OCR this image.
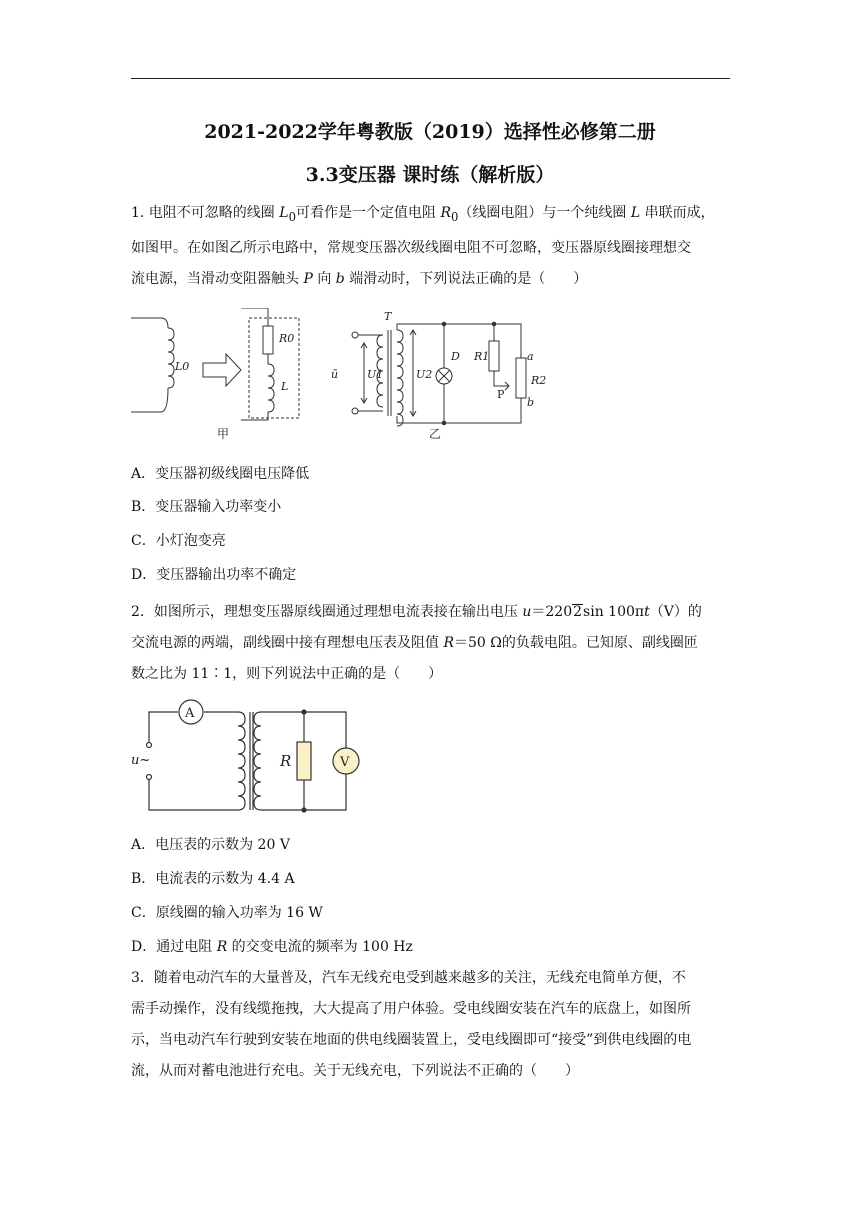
2021-2022学年粤教版（2019）选择性必修第二册
3.3变压器 课时练（解析版）
1. 电阻不可忽略的线圈 $L_0$可看作是一个定值电阻 $R_0$（线圈电阻）与一个纯线圈 L 串联而成，
如图甲。在如图乙所示电路中，常规变压器次级线圈电阻不可忽略，变压器原线圈接理想交
流电源，当滑动变阻器触头 P 向 b 端滑动时，下列说法正确的是（　　）
L0
R0
L
甲
ũ	U1	U2
T
D R1
R2
a
b
P
乙
A．变压器初级线圈电压降低
B．变压器输入功率变小
C．小灯泡变亮
D．变压器输出功率不确定
2．如图所示，理想变压器原线圈通过理想电流表接在输出电压 u＝2202sin 100πt（V）的
交流电源的两端，副线圈中接有理想电压表及阻值 R＝50 Ω的负载电阻。已知原、副线圈匝
数之比为 11∶1，则下列说法中正确的是（　　）
A
u~	R	V
A．电压表的示数为 20 V
B．电流表的示数为 4.4 A
C．原线圈的输入功率为 16 W
D．通过电阻 R 的交变电流的频率为 100 Hz
3．随着电动汽车的大量普及，汽车无线充电受到越来越多的关注，无线充电简单方便，不
需手动操作，没有线缆拖拽，大大提高了用户体验。受电线圈安装在汽车的底盘上，如图所
示，当电动汽车行驶到安装在地面的供电线圈装置上，受电线圈即可“接受”到供电线圈的电
流，从而对蓄电池进行充电。关于无线充电，下列说法不正确的（　　）
